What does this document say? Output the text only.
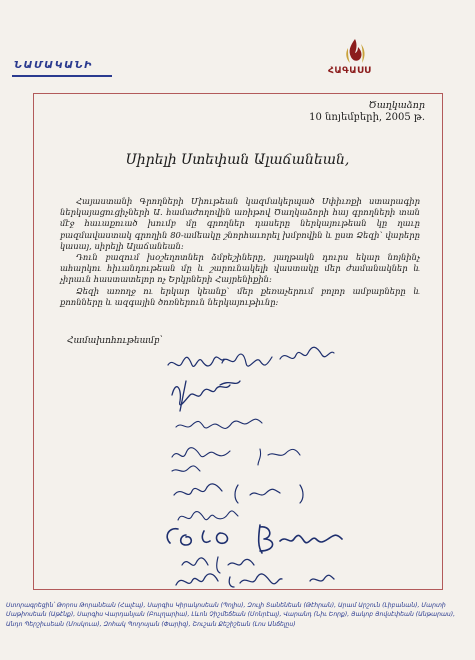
ՆԱՄԱԿԱՆԻ	ՀԱԳԱՍՍ
Ծաղկաձոր
10 նոյեմբերի, 2005 թ.
Սիրելի Ստեփան Ալաճանեան,

Հայաստանի Գրողների Միութեան կազմակերպած Սփիւռքի ստարագիր ներկայացուցիչների Ա. համաժողովին առիթով Ծաղկաձորի հայ գրողների տան մէջ հաւաքուած խումբ մը գրողներ դասերը ներկայութեան կը ղաւը բազմավաստակ գրողին 80-ամեակը շնորհաւորել խմբովին և ըստ Ձեզի՝ վարերը կասայ, սիրելի Ալաճանեան:

Դուն բազում խօշեղոտներ ձմբեշիները, յաղթակն դուրս եկար նոյնինչ ահարկու հիւանդութեան մը և շարունակելի վաստակը մեր ժամանակներ և չիրաւն հաստատելոր ոչ Երկրների Հայրենիքին:

Ձեզի առողջ ու երկար կեանք՝ մեր քեռաչերում բոլոր ամբարները և քոոնները և ազգային ծոռներուն ներկայութիւնը:

Համախոհութեամբ՝
Ստորագրեցին՝ Թորոս Թորանեան (Հալէպ), Սարգիս Կիրակոսեան (Պոլիս), Զուլի Տանենեան (Թէհրան), Արամ Արշուն (Լիբանան), Մարտի Մաթիոսեան (Աթէնք), Սարգիս Վարդանյան (Բուլղարիա), Լևոն Չիշմեճեան (Մոնրէալ), Վարանդ (Նիւ Եորք), Յակոբ Յովսէփեան (Անթարաս), Անդո Պերշիւսեան (Մոսկուա), Զոհակ Պողոսյան (Փարիզ), Շուշան Քեշիշեան (Լոս Անճելըս)
